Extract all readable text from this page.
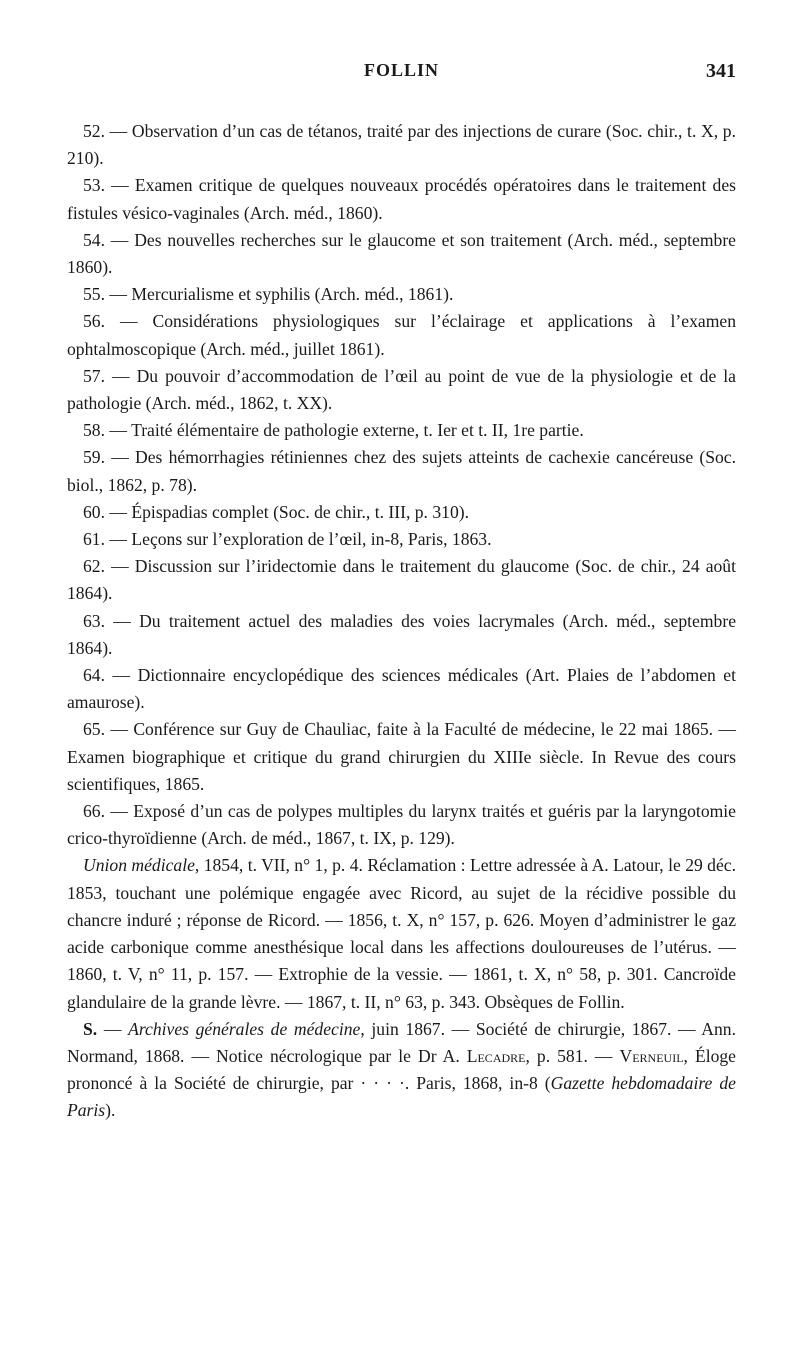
FOLLIN	341

52. — Observation d’un cas de tétanos, traité par des injections de curare (Soc. chir., t. X, p. 210).

53. — Examen critique de quelques nouveaux procédés opératoires dans le traitement des fistules vésico-vaginales (Arch. méd., 1860).

54. — Des nouvelles recherches sur le glaucome et son traitement (Arch. méd., septembre 1860).

55. — Mercurialisme et syphilis (Arch. méd., 1861).

56. — Considérations physiologiques sur l’éclairage et applications à l’examen ophtalmoscopique (Arch. méd., juillet 1861).

57. — Du pouvoir d’accommodation de l’œil au point de vue de la physiologie et de la pathologie (Arch. méd., 1862, t. XX).

58. — Traité élémentaire de pathologie externe, t. Ier et t. II, 1re partie.

59. — Des hémorrhagies rétiniennes chez des sujets atteints de cachexie cancéreuse (Soc. biol., 1862, p. 78).

60. — Épispadias complet (Soc. de chir., t. III, p. 310).

61. — Leçons sur l’exploration de l’œil, in-8, Paris, 1863.

62. — Discussion sur l’iridectomie dans le traitement du glaucome (Soc. de chir., 24 août 1864).

63. — Du traitement actuel des maladies des voies lacrymales (Arch. méd., septembre 1864).

64. — Dictionnaire encyclopédique des sciences médicales (Art. Plaies de l’abdomen et amaurose).

65. — Conférence sur Guy de Chauliac, faite à la Faculté de médecine, le 22 mai 1865. — Examen biographique et critique du grand chirurgien du XIIIe siècle. In Revue des cours scientifiques, 1865.

66. — Exposé d’un cas de polypes multiples du larynx traités et guéris par la laryngotomie crico-thyroïdienne (Arch. de méd., 1867, t. IX, p. 129).

Union médicale, 1854, t. VII, n° 1, p. 4. Réclamation : Lettre adressée à A. Latour, le 29 déc. 1853, touchant une polémique engagée avec Ricord, au sujet de la récidive possible du chancre induré ; réponse de Ricord. — 1856, t. X, n° 157, p. 626. Moyen d’administrer le gaz acide carbonique comme anesthésique local dans les affections douloureuses de l’utérus. — 1860, t. V, n° 11, p. 157. — Extrophie de la vessie. — 1861, t. X, n° 58, p. 301. Cancroïde glandulaire de la grande lèvre. — 1867, t. II, n° 63, p. 343. Obsèques de Follin.

S. — Archives générales de médecine, juin 1867. — Société de chirurgie, 1867. — Ann. Normand, 1868. — Notice nécrologique par le Dr A. Lecadre, p. 581. — Verneuil, Éloge prononcé à la Société de chirurgie, par · · · ·. Paris, 1868, in-8 (Gazette hebdomadaire de Paris).
